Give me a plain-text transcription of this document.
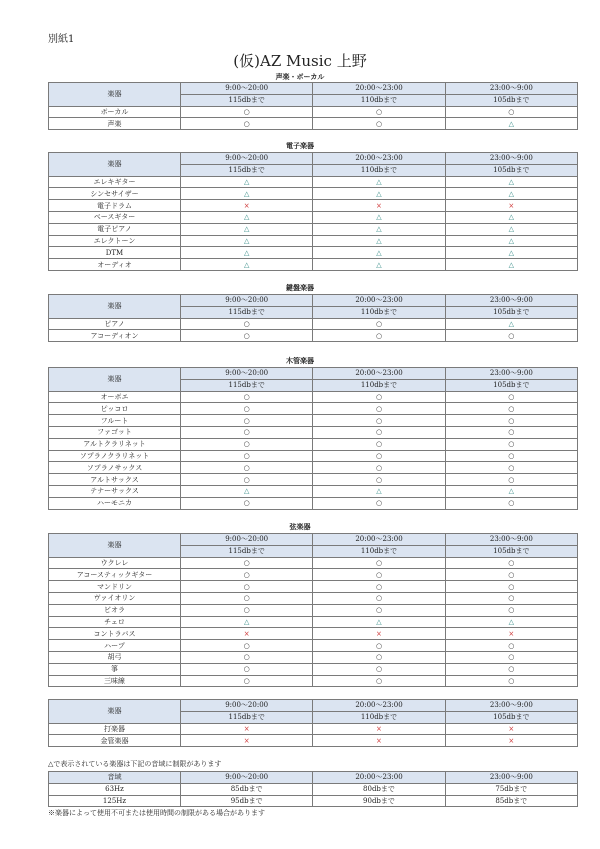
別紙1
(仮)AZ Music 上野
声楽・ボーカル
楽器	9:00〜20:00	20:00〜23:00	23:00〜9:00
	115dbまで	110dbまで	105dbまで
ボーカル	○	○	○
声楽	○	○	△
電子楽器
楽器	9:00〜20:00	20:00〜23:00	23:00〜9:00
	115dbまで	110dbまで	105dbまで
エレキギター	△	△	△
シンセサイザー	△	△	△
電子ドラム	×	×	×
ベースギター	△	△	△
電子ピアノ	△	△	△
エレクトーン	△	△	△
DTM	△	△	△
オーディオ	△	△	△
鍵盤楽器
楽器	9:00〜20:00	20:00〜23:00	23:00〜9:00
	115dbまで	110dbまで	105dbまで
ピアノ	○	○	△
アコーディオン	○	○	○
木管楽器
楽器	9:00〜20:00	20:00〜23:00	23:00〜9:00
	115dbまで	110dbまで	105dbまで
オーボエ	○	○	○
ピッコロ	○	○	○
フルート	○	○	○
ファゴット	○	○	○
アルトクラリネット	○	○	○
ソプラノクラリネット	○	○	○
ソプラノサックス	○	○	○
アルトサックス	○	○	○
テナーサックス	△	△	△
ハーモニカ	○	○	○
弦楽器
楽器	9:00〜20:00	20:00〜23:00	23:00〜9:00
	115dbまで	110dbまで	105dbまで
ウクレレ	○	○	○
アコースティックギター	○	○	○
マンドリン	○	○	○
ヴァイオリン	○	○	○
ビオラ	○	○	○
チェロ	△	△	△
コントラバス	×	×	×
ハープ	○	○	○
胡弓	○	○	○
箏	○	○	○
三味線	○	○	○
楽器	9:00〜20:00	20:00〜23:00	23:00〜9:00
	115dbまで	110dbまで	105dbまで
打楽器	×	×	×
金管楽器	×	×	×
△で表示されている楽器は下記の音域に制限があります
音域	9:00〜20:00	20:00〜23:00	23:00〜9:00
63Hz	85dbまで	80dbまで	75dbまで
125Hz	95dbまで	90dbまで	85dbまで
※楽器によって使用不可または使用時間の制限がある場合があります
